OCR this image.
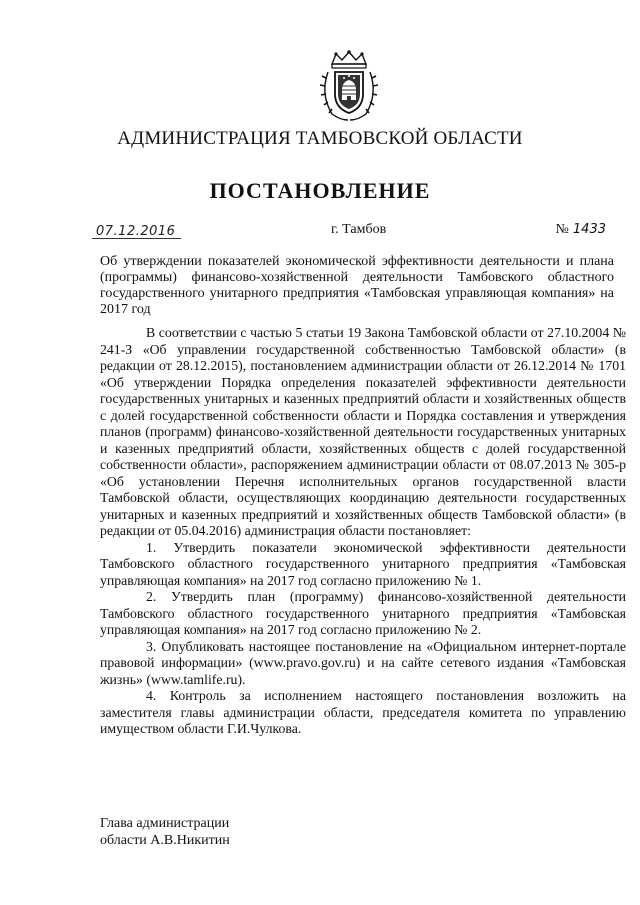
АДМИНИСТРАЦИЯ ТАМБОВСКОЙ ОБЛАСТИ
ПОСТАНОВЛЕНИЕ
07.12.2016	г. Тамбов	№ 1433
Об утверждении показателей экономической эффективности деятельности и плана (программы) финансово-хозяйственной деятельности Тамбовского областного государственного унитарного предприятия «Тамбовская управляющая компания» на 2017 год

В соответствии с частью 5 статьи 19 Закона Тамбовской области от 27.10.2004 № 241-З «Об управлении государственной собственностью Тамбовской области» (в редакции от 28.12.2015), постановлением администрации области от 26.12.2014 № 1701 «Об утверждении Порядка определения показателей эффективности деятельности государственных унитарных и казенных предприятий области и хозяйственных обществ с долей государственной собственности области и Порядка составления и утверждения планов (программ) финансово-хозяйственной деятельности государственных унитарных и казенных предприятий области, хозяйственных обществ с долей государственной собственности области», распоряжением администрации области от 08.07.2013 № 305-р «Об установлении Перечня исполнительных органов государственной власти Тамбовской области, осуществляющих координацию деятельности государственных унитарных и казенных предприятий и хозяйственных обществ Тамбовской области» (в редакции от 05.04.2016) администрация области постановляет:

1. Утвердить показатели экономической эффективности деятельности Тамбовского областного государственного унитарного предприятия «Тамбовская управляющая компания» на 2017 год согласно приложению № 1.

2. Утвердить план (программу) финансово-хозяйственной деятельности Тамбовского областного государственного унитарного предприятия «Тамбовская управляющая компания» на 2017 год согласно приложению № 2.

3. Опубликовать настоящее постановление на «Официальном интернет-портале правовой информации» (www.pravo.gov.ru) и на сайте сетевого издания «Тамбовская жизнь» (www.tamlife.ru).

4. Контроль за исполнением настоящего постановления возложить на заместителя главы администрации области, председателя комитета по управлению имуществом области Г.И.Чулкова.

Глава администрации
области А.В.Никитин
